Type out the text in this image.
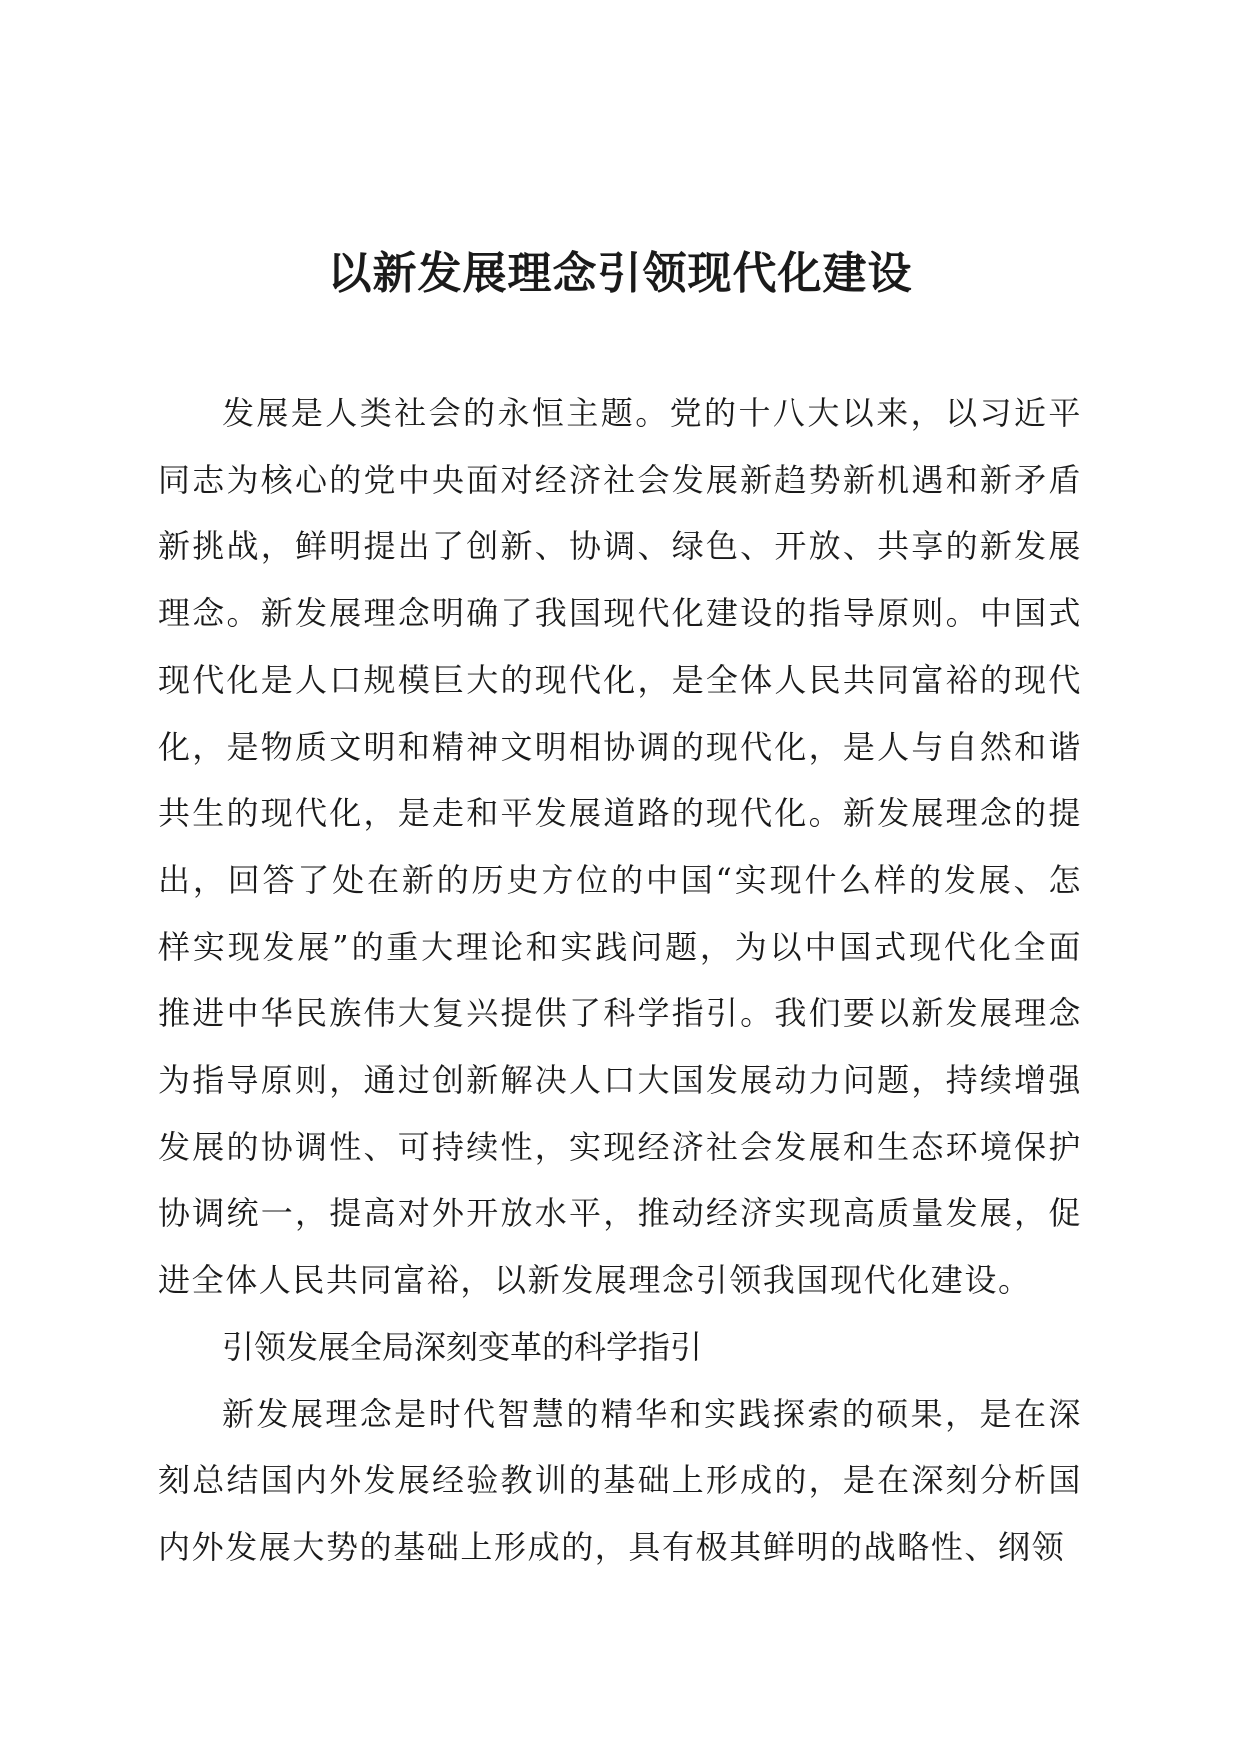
以新发展理念引领现代化建设

发展是人类社会的永恒主题。党的十八大以来，以习近平同志为核心的党中央面对经济社会发展新趋势新机遇和新矛盾新挑战，鲜明提出了创新、协调、绿色、开放、共享的新发展理念。新发展理念明确了我国现代化建设的指导原则。中国式现代化是人口规模巨大的现代化，是全体人民共同富裕的现代化，是物质文明和精神文明相协调的现代化，是人与自然和谐共生的现代化，是走和平发展道路的现代化。新发展理念的提出，回答了处在新的历史方位的中国“实现什么样的发展、怎样实现发展”的重大理论和实践问题，为以中国式现代化全面推进中华民族伟大复兴提供了科学指引。我们要以新发展理念为指导原则，通过创新解决人口大国发展动力问题，持续增强发展的协调性、可持续性，实现经济社会发展和生态环境保护协调统一，提高对外开放水平，推动经济实现高质量发展，促进全体人民共同富裕，以新发展理念引领我国现代化建设。

引领发展全局深刻变革的科学指引

新发展理念是时代智慧的精华和实践探索的硕果，是在深刻总结国内外发展经验教训的基础上形成的，是在深刻分析国内外发展大势的基础上形成的，具有极其鲜明的战略性、纲领
